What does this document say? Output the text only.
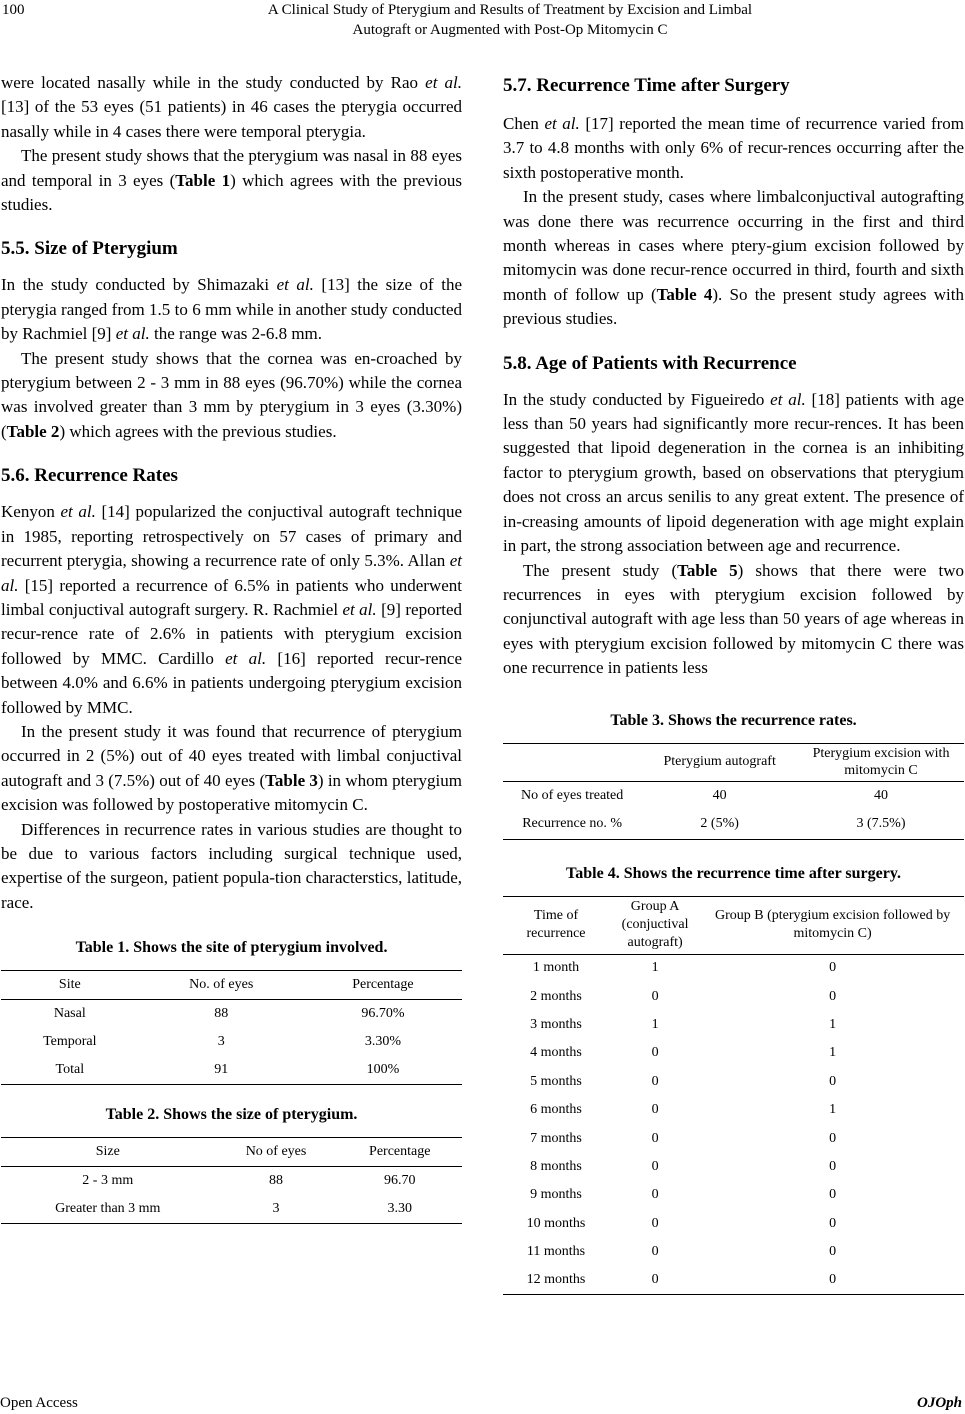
100	A Clinical Study of Pterygium and Results of Treatment by Excision and Limbal
Autograft or Augmented with Post-Op Mitomycin C

were located nasally while in the study conducted by Rao et al. [13] of the 53 eyes (51 patients) in 46 cases the pterygia occurred nasally while in 4 cases there were temporal pterygia.

The present study shows that the pterygium was nasal in 88 eyes and temporal in 3 eyes (Table 1) which agrees with the previous studies.

5.5. Size of Pterygium

In the study conducted by Shimazaki et al. [13] the size of the pterygia ranged from 1.5 to 6 mm while in another study conducted by Rachmiel [9] et al. the range was 2-6.8 mm.

The present study shows that the cornea was en-croached by pterygium between 2 - 3 mm in 88 eyes (96.70%) while the cornea was involved greater than 3 mm by pterygium in 3 eyes (3.30%) (Table 2) which agrees with the previous studies.

5.6. Recurrence Rates

Kenyon et al. [14] popularized the conjuctival autograft technique in 1985, reporting retrospectively on 57 cases of primary and recurrent pterygia, showing a recurrence rate of only 5.3%. Allan et al. [15] reported a recurrence of 6.5% in patients who underwent limbal conjuctival autograft surgery. R. Rachmiel et al. [9] reported recur-rence rate of 2.6% in patients with pterygium excision followed by MMC. Cardillo et al. [16] reported recur-rence between 4.0% and 6.6% in patients undergoing pterygium excision followed by MMC.

In the present study it was found that recurrence of pterygium occurred in 2 (5%) out of 40 eyes treated with limbal conjuctival autograft and 3 (7.5%) out of 40 eyes (Table 3) in whom pterygium excision was followed by postoperative mitomycin C.

Differences in recurrence rates in various studies are thought to be due to various factors including surgical technique used, expertise of the surgeon, patient popula-tion characterstics, latitude, race.

Table 1. Shows the site of pterygium involved.

Site	No. of eyes	Percentage
Nasal	88	96.70%
Temporal	3	3.30%
Total	91	100%

Table 2. Shows the size of pterygium.

Size	No of eyes	Percentage
2 - 3 mm	88	96.70
Greater than 3 mm	3	3.30
5.7. Recurrence Time after Surgery

Chen et al. [17] reported the mean time of recurrence varied from 3.7 to 4.8 months with only 6% of recur-rences occurring after the sixth postoperative month.

In the present study, cases where limbalconjuctival autografting was done there was recurrence occurring in the first and third month whereas in cases where ptery-gium excision followed by mitomycin was done recur-rence occurred in third, fourth and sixth month of follow up (Table 4). So the present study agrees with previous studies.

5.8. Age of Patients with Recurrence

In the study conducted by Figueiredo et al. [18] patients with age less than 50 years had significantly more recur-rences. It has been suggested that lipoid degeneration in the cornea is an inhibiting factor to pterygium growth, based on observations that pterygium does not cross an arcus senilis to any great extent. The presence of in-creasing amounts of lipoid degeneration with age might explain in part, the strong association between age and recurrence.

The present study (Table 5) shows that there were two recurrences in eyes with pterygium excision followed by conjunctival autograft with age less than 50 years of age whereas in eyes with pterygium excision followed by mitomycin C there was one recurrence in patients less

Table 3. Shows the recurrence rates.

	Pterygium autograft	Pterygium excision with mitomycin C
No of eyes treated	40	40
Recurrence no. %	2 (5%)	3 (7.5%)

Table 4. Shows the recurrence time after surgery.

Time of recurrence	Group A (conjuctival autograft)	Group B (pterygium excision followed by mitomycin C)
1 month	1	0
2 months	0	0
3 months	1	1
4 months	0	1
5 months	0	0
6 months	0	1
7 months	0	0
8 months	0	0
9 months	0	0
10 months	0	0
11 months	0	0
12 months	0	0
Open Access	OJOph
